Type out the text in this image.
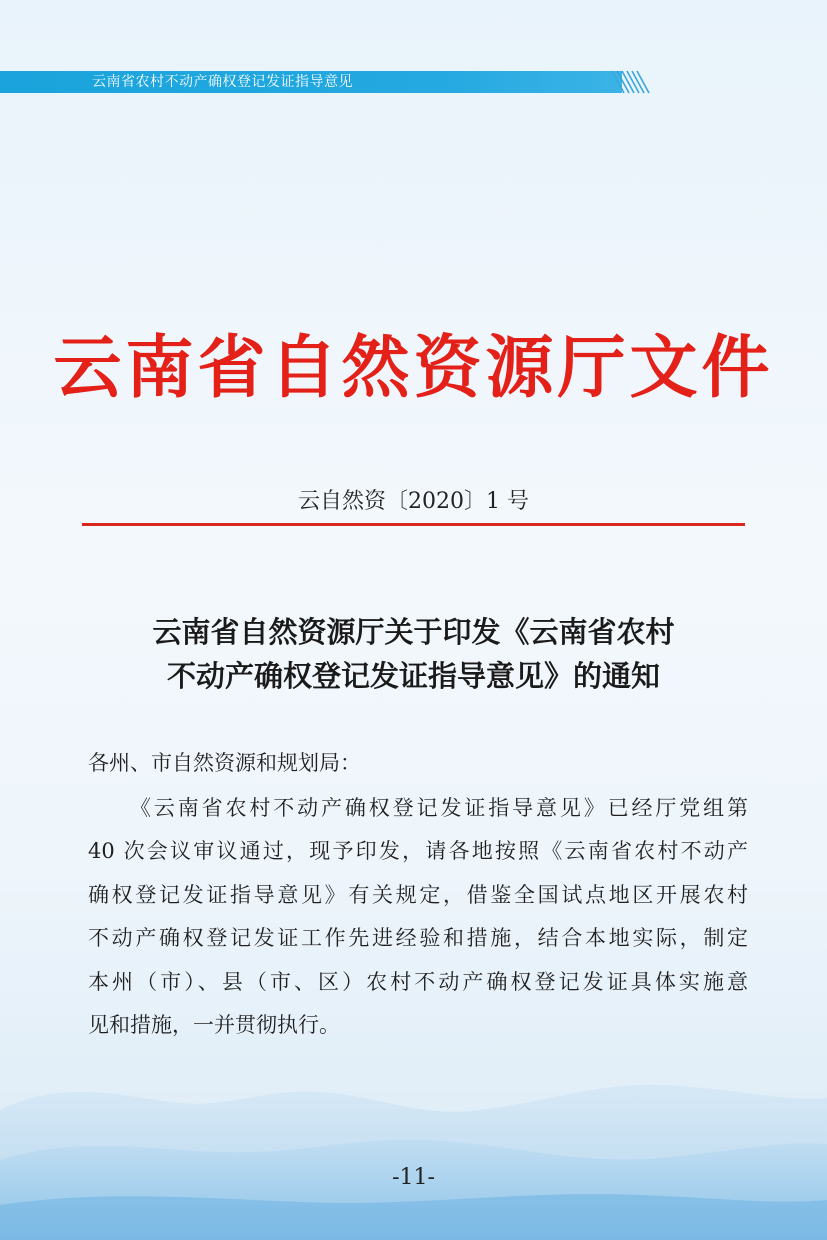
云南省农村不动产确权登记发证指导意见
云南省自然资源厅文件
云自然资〔2020〕1 号
云南省自然资源厅关于印发《云南省农村
不动产确权登记发证指导意见》的通知
各州、市自然资源和规划局：
《云南省农村不动产确权登记发证指导意见》已经厅党组第
40 次会议审议通过，现予印发，请各地按照《云南省农村不动产
确权登记发证指导意见》有关规定，借鉴全国试点地区开展农村
不动产确权登记发证工作先进经验和措施，结合本地实际，制定
本州（市）、县（市、区）农村不动产确权登记发证具体实施意
见和措施，一并贯彻执行。
-11-
